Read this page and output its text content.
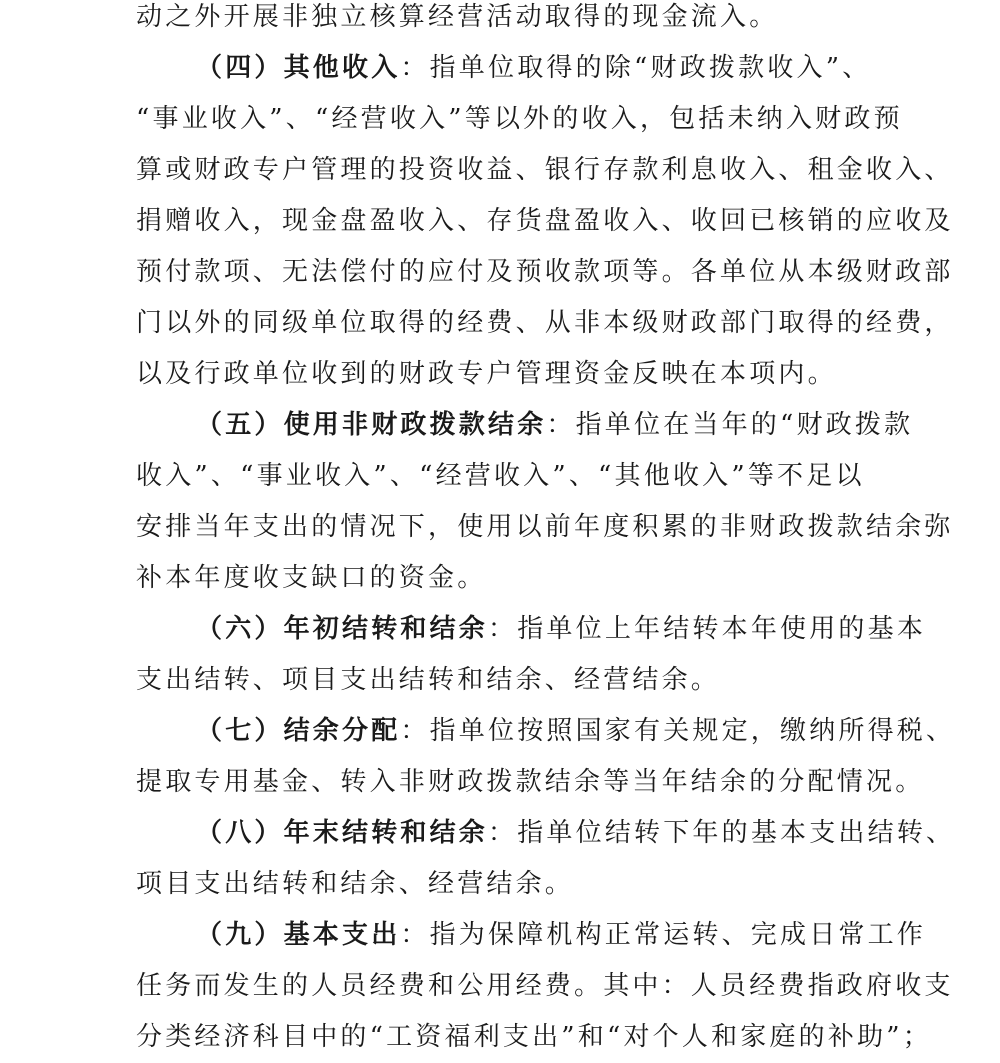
动之外开展非独立核算经营活动取得的现金流入。
（四）其他收入：指单位取得的除“财政拨款收入”、
“事业收入”、“经营收入”等以外的收入，包括未纳入财政预
算或财政专户管理的投资收益、银行存款利息收入、租金收入、
捐赠收入，现金盘盈收入、存货盘盈收入、收回已核销的应收及
预付款项、无法偿付的应付及预收款项等。各单位从本级财政部
门以外的同级单位取得的经费、从非本级财政部门取得的经费，
以及行政单位收到的财政专户管理资金反映在本项内。
（五）使用非财政拨款结余：指单位在当年的“财政拨款
收入”、“事业收入”、“经营收入”、“其他收入”等不足以
安排当年支出的情况下，使用以前年度积累的非财政拨款结余弥
补本年度收支缺口的资金。
（六）年初结转和结余：指单位上年结转本年使用的基本
支出结转、项目支出结转和结余、经营结余。
（七）结余分配：指单位按照国家有关规定，缴纳所得税、
提取专用基金、转入非财政拨款结余等当年结余的分配情况。
（八）年末结转和结余：指单位结转下年的基本支出结转、
项目支出结转和结余、经营结余。
（九）基本支出：指为保障机构正常运转、完成日常工作
任务而发生的人员经费和公用经费。其中：人员经费指政府收支
分类经济科目中的“工资福利支出”和“对个人和家庭的补助”；
